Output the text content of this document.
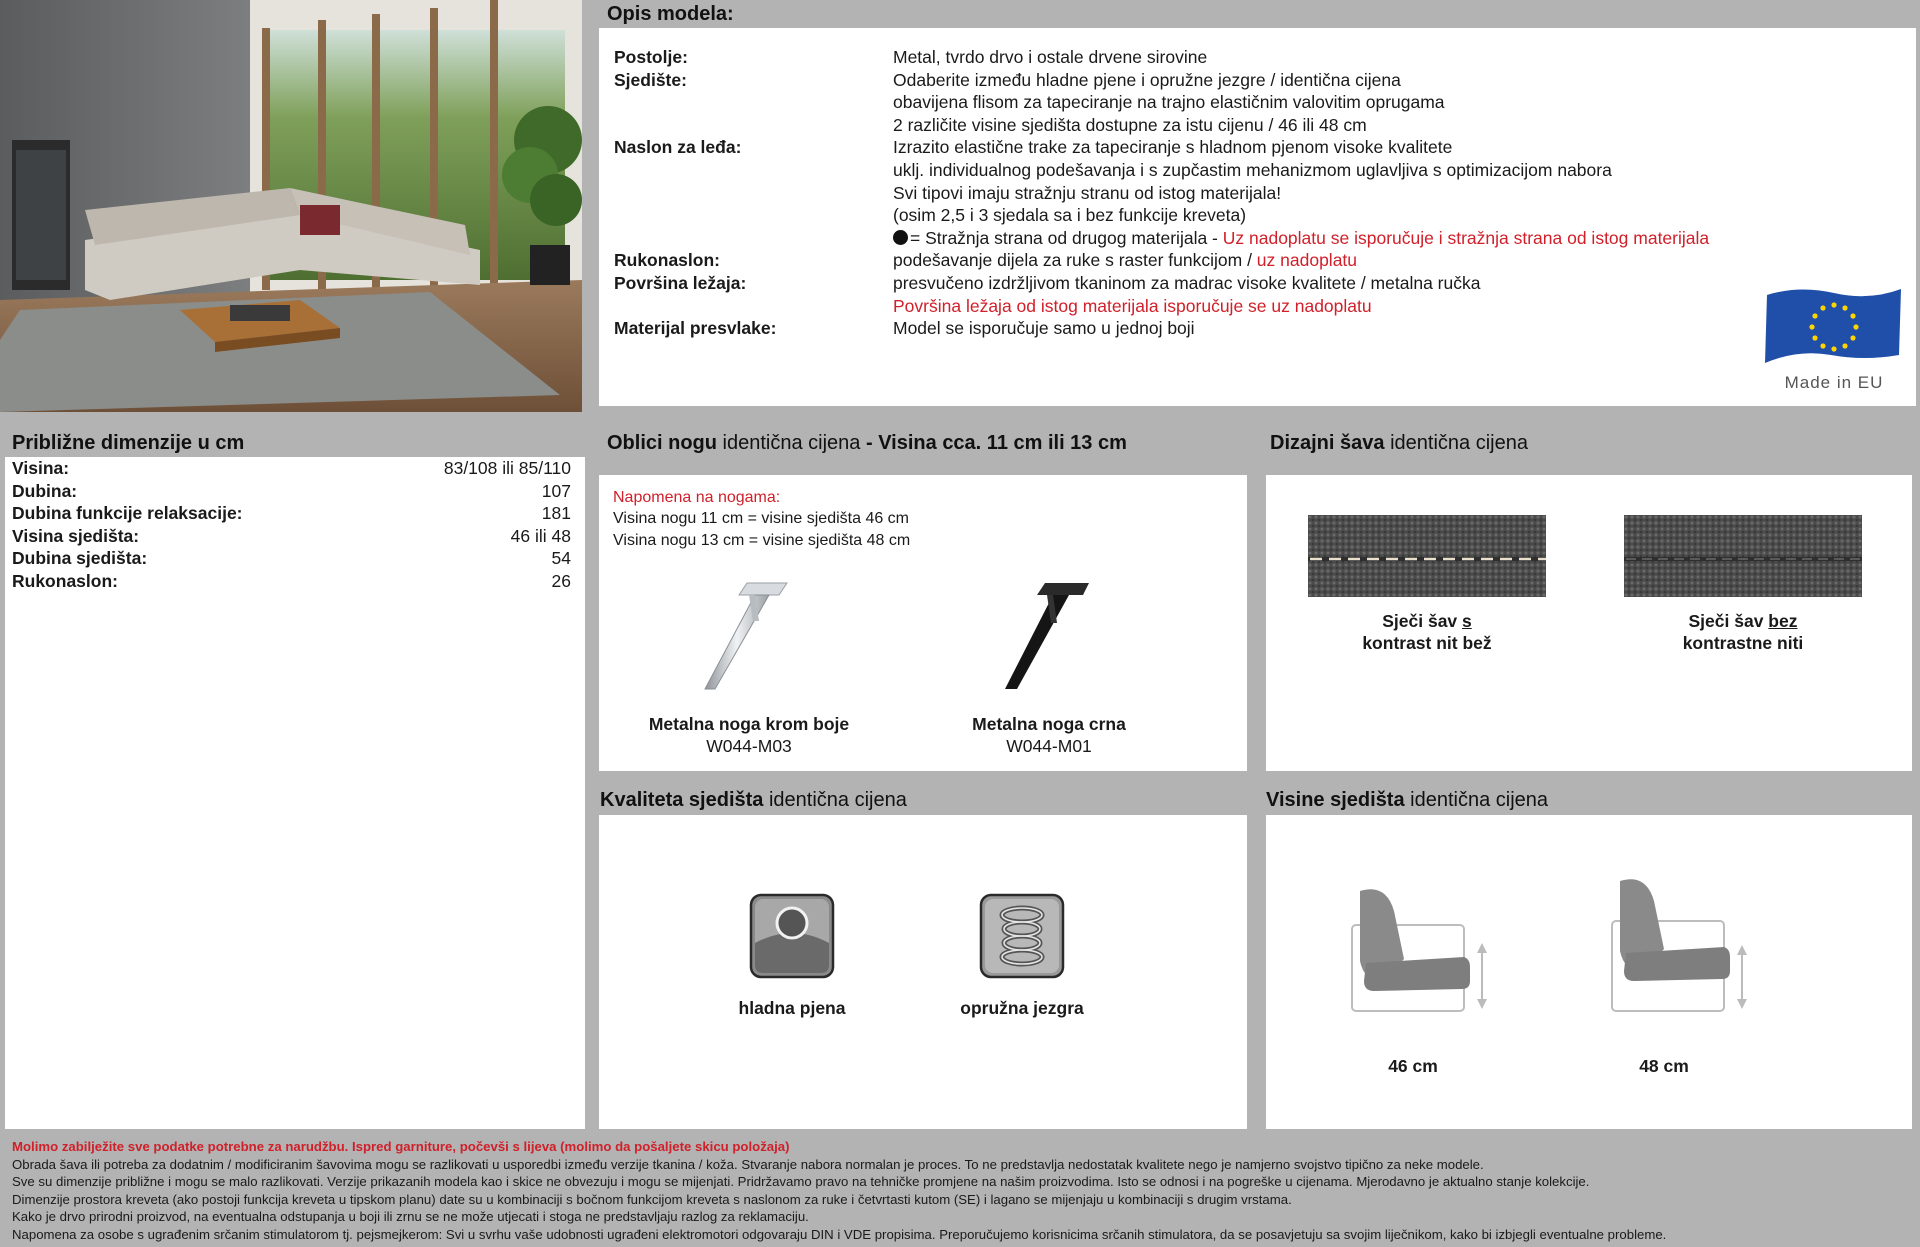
Opis modela:
Postolje:	Metal, tvrdo drvo i ostale drvene sirovine
Sjedište:	Odaberite između hladne pjene i opružne jezgre / identična cijena
obavijena flisom za tapeciranje na trajno elastičnim valovitim oprugama
2 različite visine sjedišta dostupne za istu cijenu / 46 ili 48 cm
Naslon za leđa:	Izrazito elastične trake za tapeciranje s hladnom pjenom visoke kvalitete
uklj. individualnog podešavanja i s zupčastim mehanizmom uglavljiva s optimizacijom nabora
Svi tipovi imaju stražnju stranu od istog materijala!
(osim 2,5 i 3 sjedala sa i bez funkcije kreveta)
= Stražnja strana od drugog materijala - Uz nadoplatu se isporučuje i stražnja strana od istog materijala
Rukonaslon:	podešavanje dijela za ruke s raster funkcijom / uz nadoplatu
Površina ležaja:	presvučeno izdržljivom tkaninom za madrac visoke kvalitete / metalna ručka
Površina ležaja od istog materijala isporučuje se uz nadoplatu
Materijal presvlake:	Model se isporučuje samo u jednoj boji
Made in EU
Približne dimenzije u cm
Visina:	83/108 ili 85/110
Dubina:	107
Dubina funkcije relaksacije:	181
Visina sjedišta:	46 ili 48
Dubina sjedišta:	54
Rukonaslon:	26
Oblici nogu identična cijena - Visina cca. 11 cm ili 13 cm
Napomena na nogama:
Visina nogu 11 cm = visine sjedišta 46 cm
Visina nogu 13 cm = visine sjedišta 48 cm
Metalna noga krom boje
W044-M03
Metalna noga crna
W044-M01
Dizajni šava identična cijena
Sječi šav s
kontrast nit bež
Sječi šav bez
kontrastne niti
Kvaliteta sjedišta identična cijena
hladna pjena	opružna jezgra
Visine sjedišta identična cijena
46 cm	48 cm
Molimo zabilježite sve podatke potrebne za narudžbu. Ispred garniture, počevši s lijeva (molimo da pošaljete skicu položaja)
Obrada šava ili potreba za dodatnim / modificiranim šavovima mogu se razlikovati u usporedbi između verzije tkanina / koža. Stvaranje nabora normalan je proces. To ne predstavlja nedostatak kvalitete nego je namjerno svojstvo tipično za neke modele.
Sve su dimenzije približne i mogu se malo razlikovati. Verzije prikazanih modela kao i skice ne obvezuju i mogu se mijenjati. Pridržavamo pravo na tehničke promjene na našim proizvodima. Isto se odnosi i na pogreške u cijenama. Mjerodavno je aktualno stanje kolekcije.
Dimenzije prostora kreveta (ako postoji funkcija kreveta u tipskom planu) date su u kombinaciji s bočnom funkcijom kreveta s naslonom za ruke i četvrtasti kutom (SE) i lagano se mijenjaju u kombinaciji s drugim vrstama.
Kako je drvo prirodni proizvod, na eventualna odstupanja u boji ili zrnu se ne može utjecati i stoga ne predstavljaju razlog za reklamaciju.
Napomena za osobe s ugrađenim srčanim stimulatorom tj. pejsmejkerom: Svi u svrhu vaše udobnosti ugrađeni elektromotori odgovaraju DIN i VDE propisima. Preporučujemo korisnicima srčanih stimulatora, da se posavjetuju sa svojim liječnikom, kako bi izbjegli eventualne probleme.
